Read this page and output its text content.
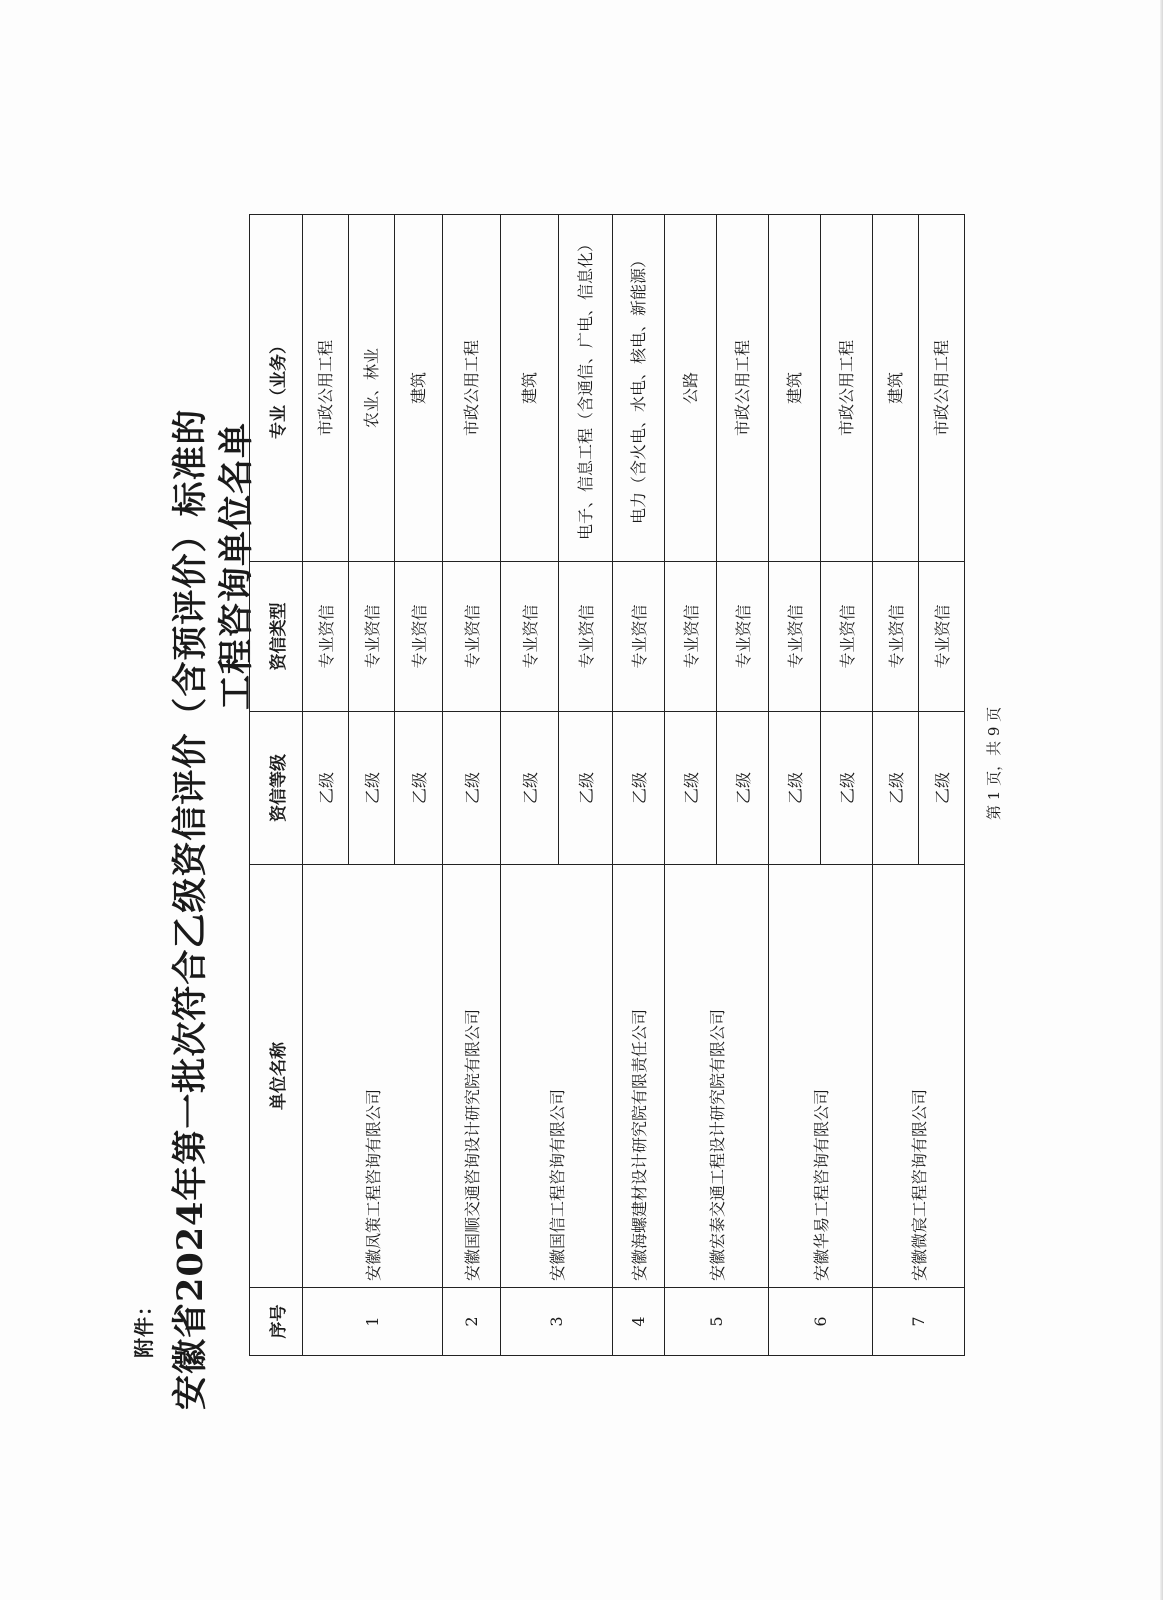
附件： 安徽省2024年第一批次符合乙级资信评价（含预评价）标准的 工程咨询单位名单
序号	单位名称	资信等级	资信类型	专业（业务）
1	安徽凤策工程咨询有限公司	乙级	专业资信	市政公用工程
		乙级	专业资信	农业、林业
		乙级	专业资信	建筑
2	安徽国顺交通咨询设计研究院有限公司	乙级	专业资信	市政公用工程
3	安徽国信工程咨询有限公司	乙级	专业资信	建筑
		乙级	专业资信	电子、信息工程（含通信、广电、信息化）
4	安徽海螺建材设计研究院有限责任公司	乙级	专业资信	电力（含火电、水电、核电、新能源）
5	安徽宏泰交通工程设计研究院有限公司	乙级	专业资信	公路
		乙级	专业资信	市政公用工程
6	安徽华易工程咨询有限公司	乙级	专业资信	建筑
		乙级	专业资信	市政公用工程
7	安徽微宸工程咨询有限公司	乙级	专业资信	建筑
		乙级	专业资信	市政公用工程
第 1 页，共 9 页
